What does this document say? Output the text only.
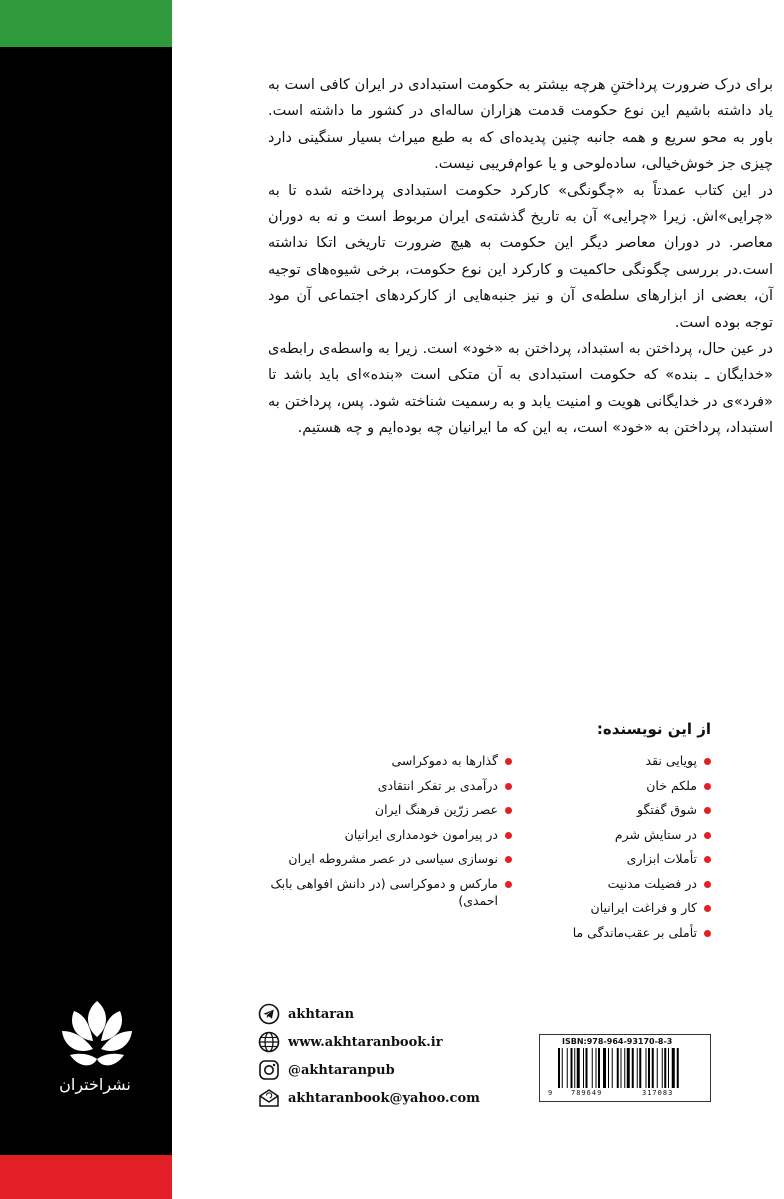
نشراختران

برای درک ضرورت پرداختنِ هرچه بیشتر به حکومت استبدادی در ایران کافی است به یاد داشته باشیم این نوع حکومت قدمت هزاران ساله‌ای در کشور ما داشته است. باور به محو سریع و همه جانبه چنین پدیده‌ای که به طبع میراث بسیار سنگینی دارد چیزی جز خوش‌خیالی، ساده‌لوحی و یا عوام‌فریبی نیست.

در این کتاب عمدتاً به «چگونگی» کارکرد حکومت استبدادی پرداخته شده تا به «چرایی»اش. زیرا «چرایی» آن به تاریخ گذشته‌ی ایران مربوط است و نه به دوران معاصر. در دوران معاصر دیگر این حکومت به هیچ ضرورت تاریخی اتکا نداشته است.در بررسی چگونگی حاکمیت و کارکرد این نوع حکومت، برخی شیوه‌های توجیه آن، بعضی از ابزارهای سلطه‌ی آن و نیز جنبه‌هایی از کارکردهای اجتماعی آن مود توجه بوده است.

در عین حال، پرداختن به استبداد، پرداختن به «خود» است. زیرا به واسطه‌ی رابطه‌ی «خدایگان ـ بنده» که حکومت استبدادی به آن متکی است «بنده»ای باید باشد تا «فرد»ی در خدایگانی هویت و امنیت یابد و به رسمیت شناخته شود. پس، پرداختن به استبداد، پرداختن به «خود» است، به این که ما ایرانیان چه بوده‌ایم و چه هستیم.

از این نویسنده:
پویایی نقد
ملکم خان
شوق گفتگو
در ستایش شرم
تأملات ابزاری
در فضیلت مدنیت
کار و فراغت ایرانیان
تأملی بر عقب‌ماندگی ما
گذارها به دموکراسی
درآمدی بر تفکر انتقادی
عصر زرّین فرهنگ ایران
در پیرامون خودمداری ایرانیان
نوسازی سیاسی در عصر مشروطه ایران
مارکس و دموکراسی (در دانش افواهی بابک احمدی)
akhtaran
www.akhtaranbook.ir
@akhtaranpub
akhtaranbook@yahoo.com
ISBN:978-964-93170-8-3
9	789649	317083
